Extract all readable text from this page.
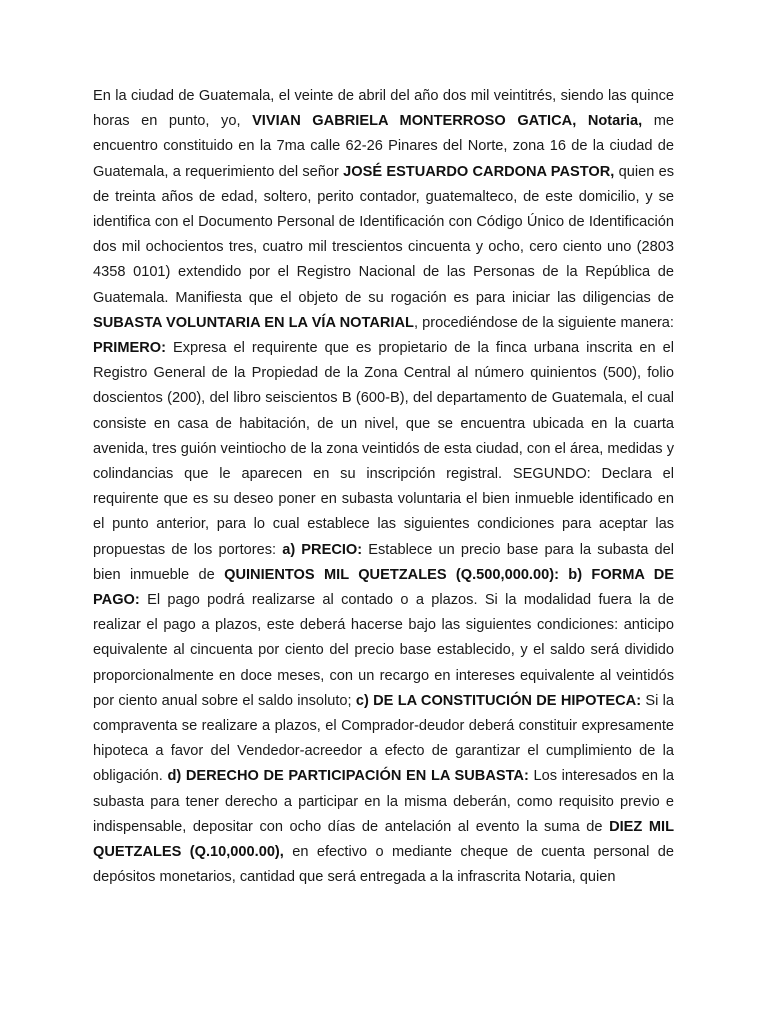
En la ciudad de Guatemala, el veinte de abril del año dos mil veintitrés, siendo las quince horas en punto, yo, VIVIAN GABRIELA MONTERROSO GATICA, Notaria, me encuentro constituido en la 7ma calle 62-26 Pinares del Norte, zona 16 de la ciudad de Guatemala, a requerimiento del señor JOSÉ ESTUARDO CARDONA PASTOR, quien es de treinta años de edad, soltero, perito contador, guatemalteco, de este domicilio, y se identifica con el Documento Personal de Identificación con Código Único de Identificación dos mil ochocientos tres, cuatro mil trescientos cincuenta y ocho, cero ciento uno (2803 4358 0101) extendido por el Registro Nacional de las Personas de la República de Guatemala. Manifiesta que el objeto de su rogación es para iniciar las diligencias de SUBASTA VOLUNTARIA EN LA VÍA NOTARIAL, procediéndose de la siguiente manera: PRIMERO: Expresa el requirente que es propietario de la finca urbana inscrita en el Registro General de la Propiedad de la Zona Central al número quinientos (500), folio doscientos (200), del libro seiscientos B (600-B), del departamento de Guatemala, el cual consiste en casa de habitación, de un nivel, que se encuentra ubicada en la cuarta avenida, tres guión veintiocho de la zona veintidós de esta ciudad, con el área, medidas y colindancias que le aparecen en su inscripción registral. SEGUNDO: Declara el requirente que es su deseo poner en subasta voluntaria el bien inmueble identificado en el punto anterior, para lo cual establece las siguientes condiciones para aceptar las propuestas de los portores: a) PRECIO: Establece un precio base para la subasta del bien inmueble de QUINIENTOS MIL QUETZALES (Q.500,000.00): b) FORMA DE PAGO: El pago podrá realizarse al contado o a plazos. Si la modalidad fuera la de realizar el pago a plazos, este deberá hacerse bajo las siguientes condiciones: anticipo equivalente al cincuenta por ciento del precio base establecido, y el saldo será dividido proporcionalmente en doce meses, con un recargo en intereses equivalente al veintidós por ciento anual sobre el saldo insoluto; c) DE LA CONSTITUCIÓN DE HIPOTECA: Si la compraventa se realizare a plazos, el Comprador-deudor deberá constituir expresamente hipoteca a favor del Vendedor-acreedor a efecto de garantizar el cumplimiento de la obligación. d) DERECHO DE PARTICIPACIÓN EN LA SUBASTA: Los interesados en la subasta para tener derecho a participar en la misma deberán, como requisito previo e indispensable, depositar con ocho días de antelación al evento la suma de DIEZ MIL QUETZALES (Q.10,000.00), en efectivo o mediante cheque de cuenta personal de depósitos monetarios, cantidad que será entregada a la infrascrita Notaria, quien
